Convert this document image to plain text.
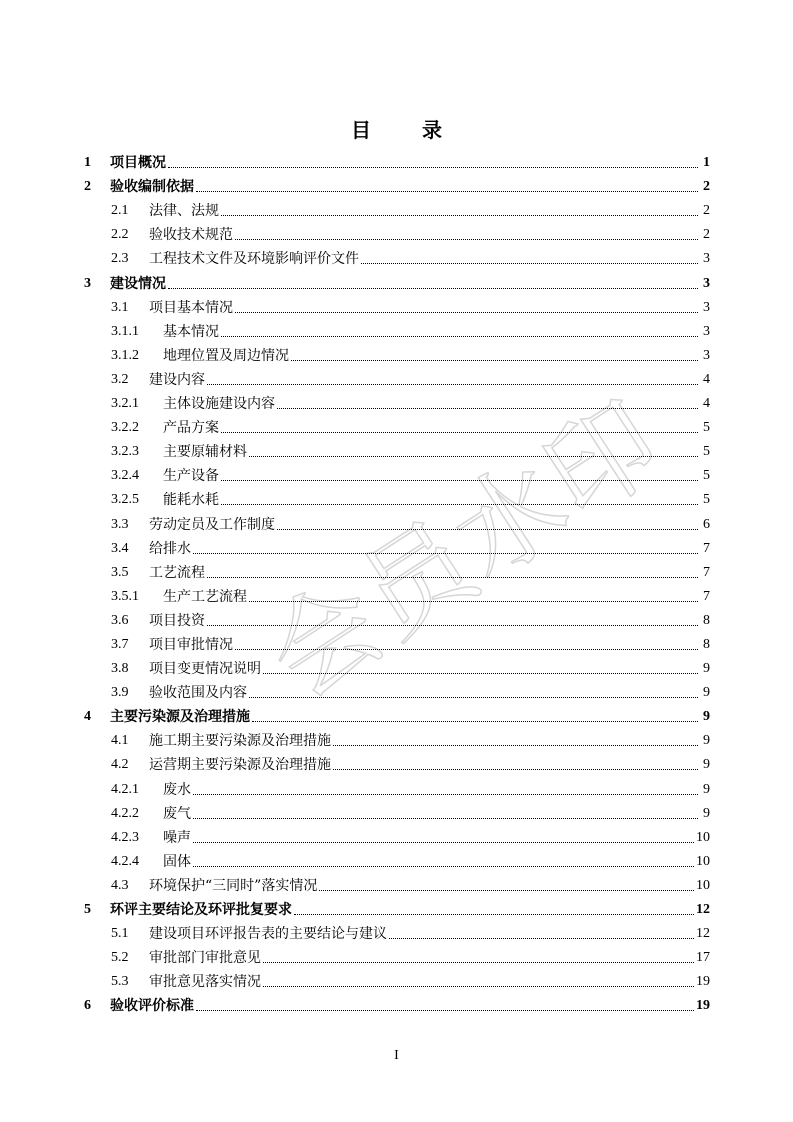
目 录
会员水印
1	项目概况	1
2	验收编制依据	2
2.1	法律、法规	2
2.2	验收技术规范	2
2.3	工程技术文件及环境影响评价文件	3
3	建设情况	3
3.1	项目基本情况	3
3.1.1	基本情况	3
3.1.2	地理位置及周边情况	3
3.2	建设内容	4
3.2.1	主体设施建设内容	4
3.2.2	产品方案	5
3.2.3	主要原辅材料	5
3.2.4	生产设备	5
3.2.5	能耗水耗	5
3.3	劳动定员及工作制度	6
3.4	给排水	7
3.5	工艺流程	7
3.5.1	生产工艺流程	7
3.6	项目投资	8
3.7	项目审批情况	8
3.8	项目变更情况说明	9
3.9	验收范围及内容	9
4	主要污染源及治理措施	9
4.1	施工期主要污染源及治理措施	9
4.2	运营期主要污染源及治理措施	9
4.2.1	废水	9
4.2.2	废气	9
4.2.3	噪声	10
4.2.4	固体	10
4.3	环境保护“三同时”落实情况	10
5	环评主要结论及环评批复要求	12
5.1	建设项目环评报告表的主要结论与建议	12
5.2	审批部门审批意见	17
5.3	审批意见落实情况	19
6	验收评价标准	19
I
